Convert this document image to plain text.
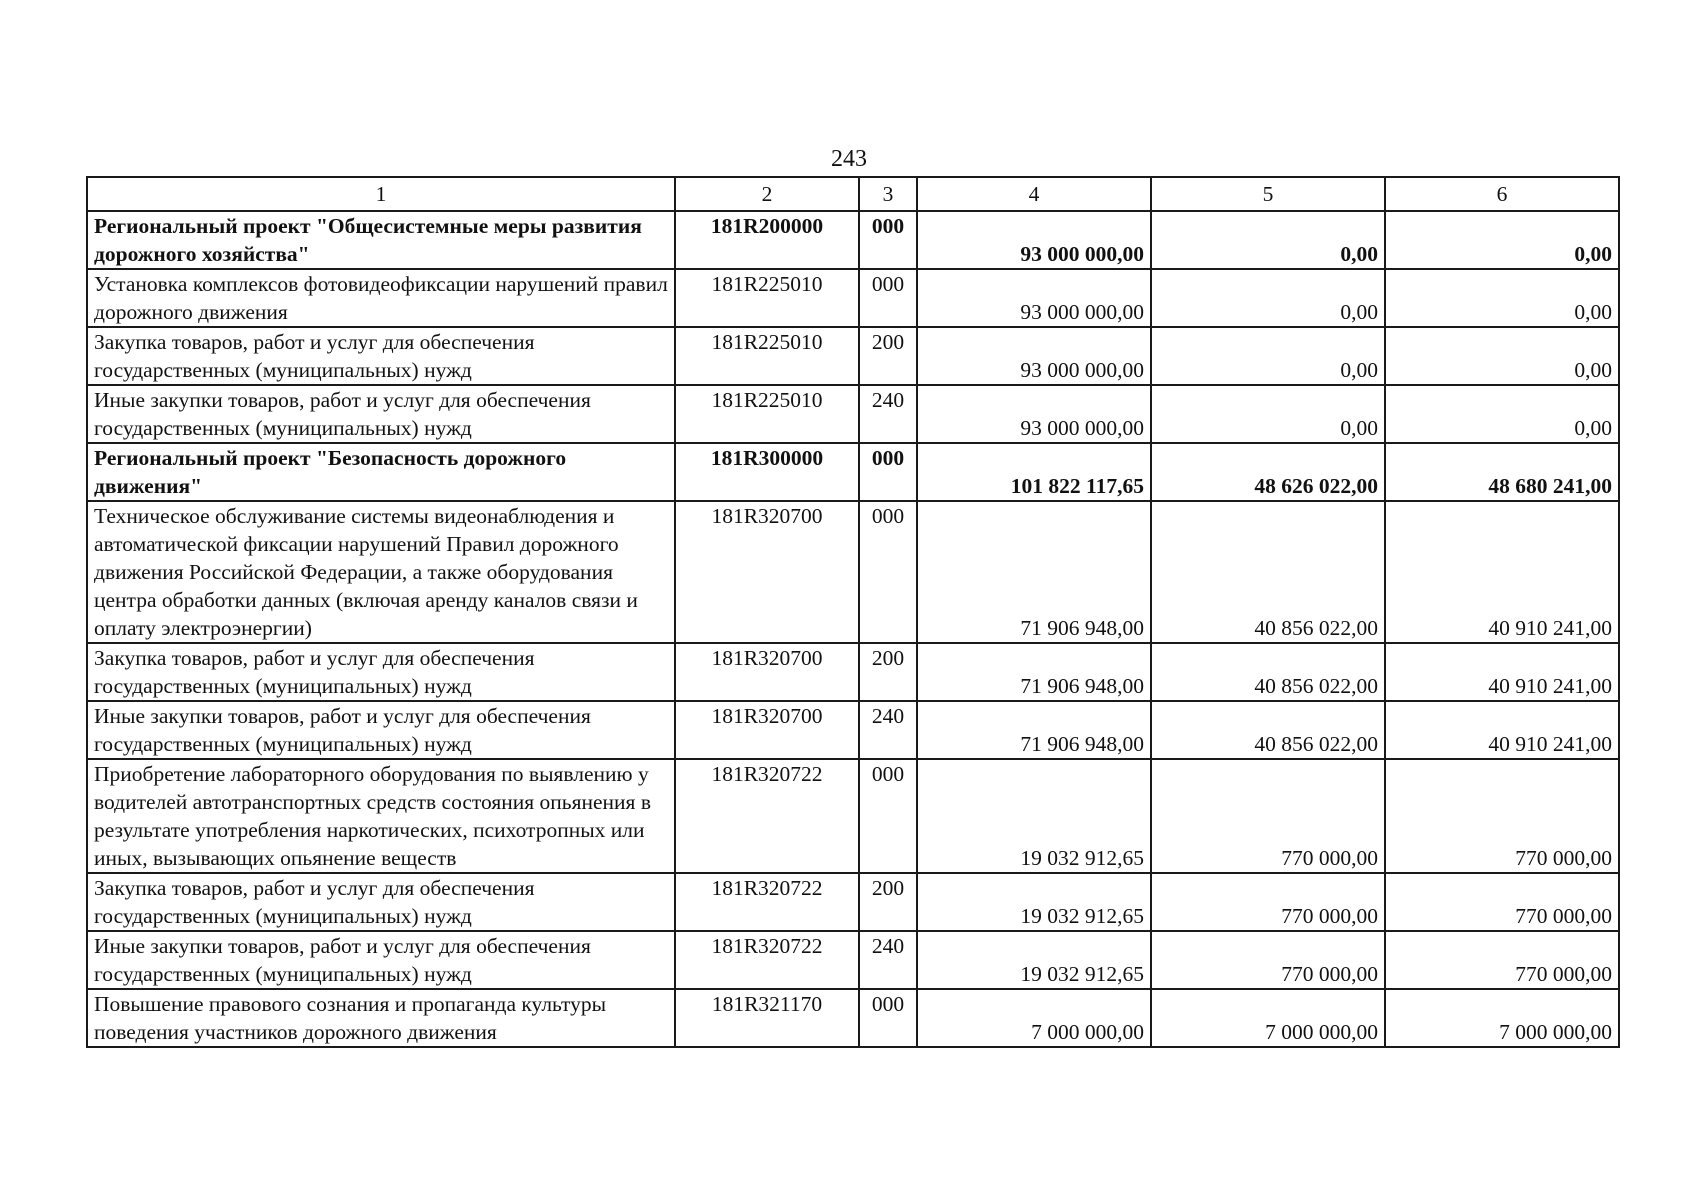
243
1	2	3	4	5	6
Региональный проект "Общесистемные меры развития дорожного хозяйства"	181R200000	000	93 000 000,00	0,00	0,00
Установка комплексов фотовидеофиксации нарушений правил дорожного движения	181R225010	000	93 000 000,00	0,00	0,00
Закупка товаров, работ и услуг для обеспечения государственных (муниципальных) нужд	181R225010	200	93 000 000,00	0,00	0,00
Иные закупки товаров, работ и услуг для обеспечения государственных (муниципальных) нужд	181R225010	240	93 000 000,00	0,00	0,00
Региональный проект "Безопасность дорожного движения"	181R300000	000	101 822 117,65	48 626 022,00	48 680 241,00
Техническое обслуживание системы видеонаблюдения и автоматической фиксации нарушений Правил дорожного движения Российской Федерации, а также оборудования центра обработки данных (включая аренду каналов связи и оплату электроэнергии)	181R320700	000	71 906 948,00	40 856 022,00	40 910 241,00
Закупка товаров, работ и услуг для обеспечения государственных (муниципальных) нужд	181R320700	200	71 906 948,00	40 856 022,00	40 910 241,00
Иные закупки товаров, работ и услуг для обеспечения государственных (муниципальных) нужд	181R320700	240	71 906 948,00	40 856 022,00	40 910 241,00
Приобретение лабораторного оборудования по выявлению у водителей автотранспортных средств состояния опьянения в результате употребления наркотических, психотропных или иных, вызывающих опьянение веществ	181R320722	000	19 032 912,65	770 000,00	770 000,00
Закупка товаров, работ и услуг для обеспечения государственных (муниципальных) нужд	181R320722	200	19 032 912,65	770 000,00	770 000,00
Иные закупки товаров, работ и услуг для обеспечения государственных (муниципальных) нужд	181R320722	240	19 032 912,65	770 000,00	770 000,00
Повышение правового сознания и пропаганда культуры поведения участников дорожного движения	181R321170	000	7 000 000,00	7 000 000,00	7 000 000,00
